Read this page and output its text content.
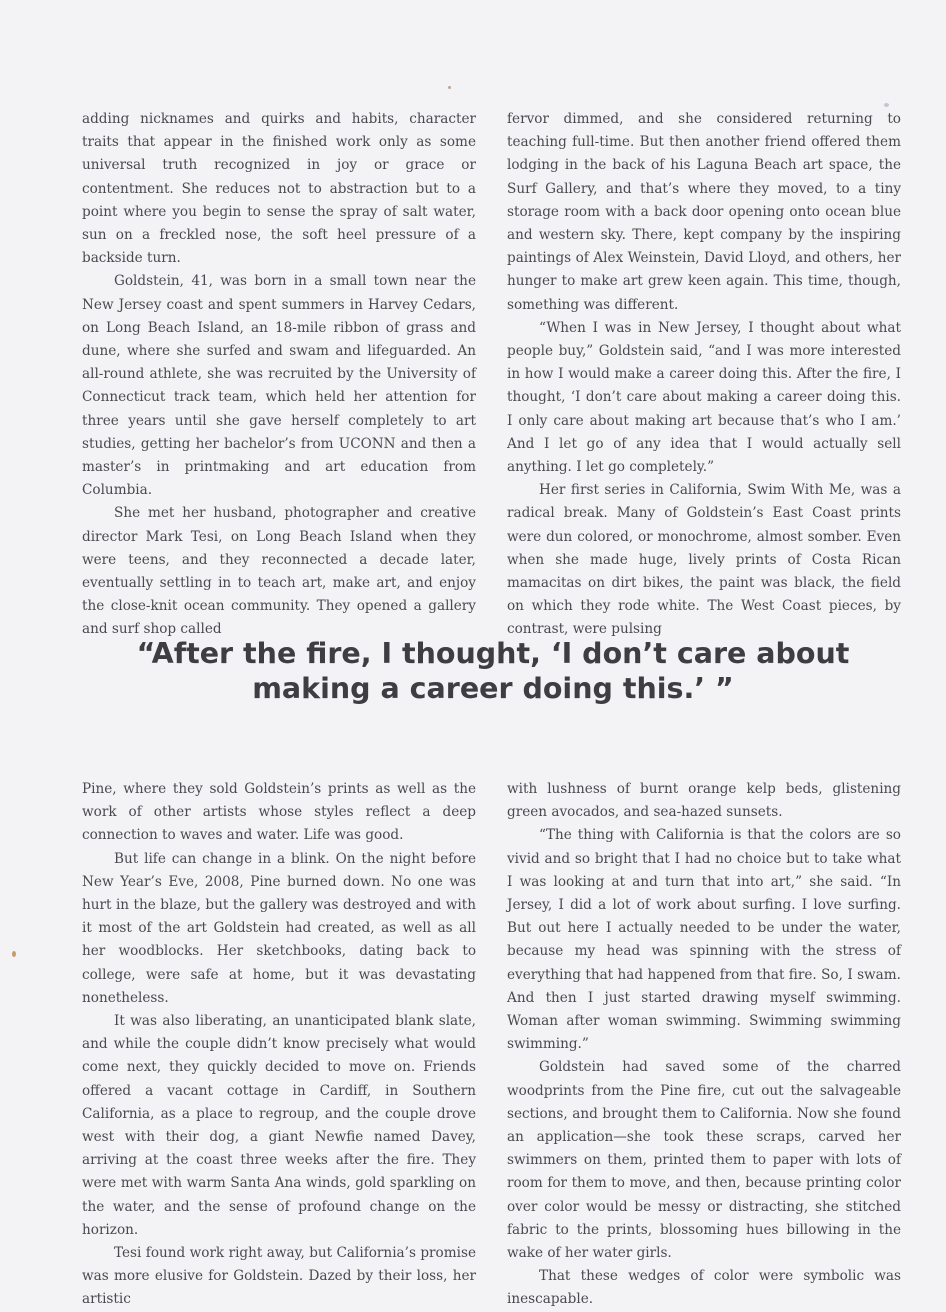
adding nicknames and quirks and habits, character traits that appear in the finished work only as some universal truth recognized in joy or grace or contentment. She reduces not to abstraction but to a point where you begin to sense the spray of salt water, sun on a freckled nose, the soft heel pressure of a backside turn.

Goldstein, 41, was born in a small town near the New Jersey coast and spent summers in Harvey Cedars, on Long Beach Island, an 18-mile ribbon of grass and dune, where she surfed and swam and lifeguarded. An all-round athlete, she was recruited by the University of Connecticut track team, which held her attention for three years until she gave herself completely to art studies, getting her bachelor’s from UCONN and then a master’s in printmaking and art education from Columbia.

She met her husband, photographer and creative director Mark Tesi, on Long Beach Island when they were teens, and they reconnected a decade later, eventually settling in to teach art, make art, and enjoy the close-knit ocean community. They opened a gallery and surf shop called

fervor dimmed, and she considered returning to teaching full-time. But then another friend offered them lodging in the back of his Laguna Beach art space, the Surf Gallery, and that’s where they moved, to a tiny storage room with a back door opening onto ocean blue and western sky. There, kept company by the inspiring paintings of Alex Weinstein, David Lloyd, and others, her hunger to make art grew keen again. This time, though, something was different.

“When I was in New Jersey, I thought about what people buy,” Goldstein said, “and I was more interested in how I would make a career doing this. After the fire, I thought, ‘I don’t care about making a career doing this. I only care about making art because that’s who I am.’ And I let go of any idea that I would actually sell anything. I let go completely.”

Her first series in California, Swim With Me, was a radical break. Many of Goldstein’s East Coast prints were dun colored, or monochrome, almost somber. Even when she made huge, lively prints of Costa Rican mamacitas on dirt bikes, the paint was black, the field on which they rode white. The West Coast pieces, by contrast, were pulsing

“After the fire, I thought, ‘I don’t care about making a career doing this.’ ”

Pine, where they sold Goldstein’s prints as well as the work of other artists whose styles reflect a deep connection to waves and water. Life was good.

But life can change in a blink. On the night before New Year’s Eve, 2008, Pine burned down. No one was hurt in the blaze, but the gallery was destroyed and with it most of the art Goldstein had created, as well as all her woodblocks. Her sketchbooks, dating back to college, were safe at home, but it was devastating nonetheless.

It was also liberating, an unanticipated blank slate, and while the couple didn’t know precisely what would come next, they quickly decided to move on. Friends offered a vacant cottage in Cardiff, in Southern California, as a place to regroup, and the couple drove west with their dog, a giant Newfie named Davey, arriving at the coast three weeks after the fire. They were met with warm Santa Ana winds, gold sparkling on the water, and the sense of profound change on the horizon.

Tesi found work right away, but California’s promise was more elusive for Goldstein. Dazed by their loss, her artistic

with lushness of burnt orange kelp beds, glistening green avocados, and sea-hazed sunsets.

“The thing with California is that the colors are so vivid and so bright that I had no choice but to take what I was looking at and turn that into art,” she said. “In Jersey, I did a lot of work about surfing. I love surfing. But out here I actually needed to be under the water, because my head was spinning with the stress of everything that had happened from that fire. So, I swam. And then I just started drawing myself swimming. Woman after woman swimming. Swimming swimming swimming.”

Goldstein had saved some of the charred woodprints from the Pine fire, cut out the salvageable sections, and brought them to California. Now she found an application—she took these scraps, carved her swimmers on them, printed them to paper with lots of room for them to move, and then, because printing color over color would be messy or distracting, she stitched fabric to the prints, blossoming hues billowing in the wake of her water girls.

That these wedges of color were symbolic was inescapable.
